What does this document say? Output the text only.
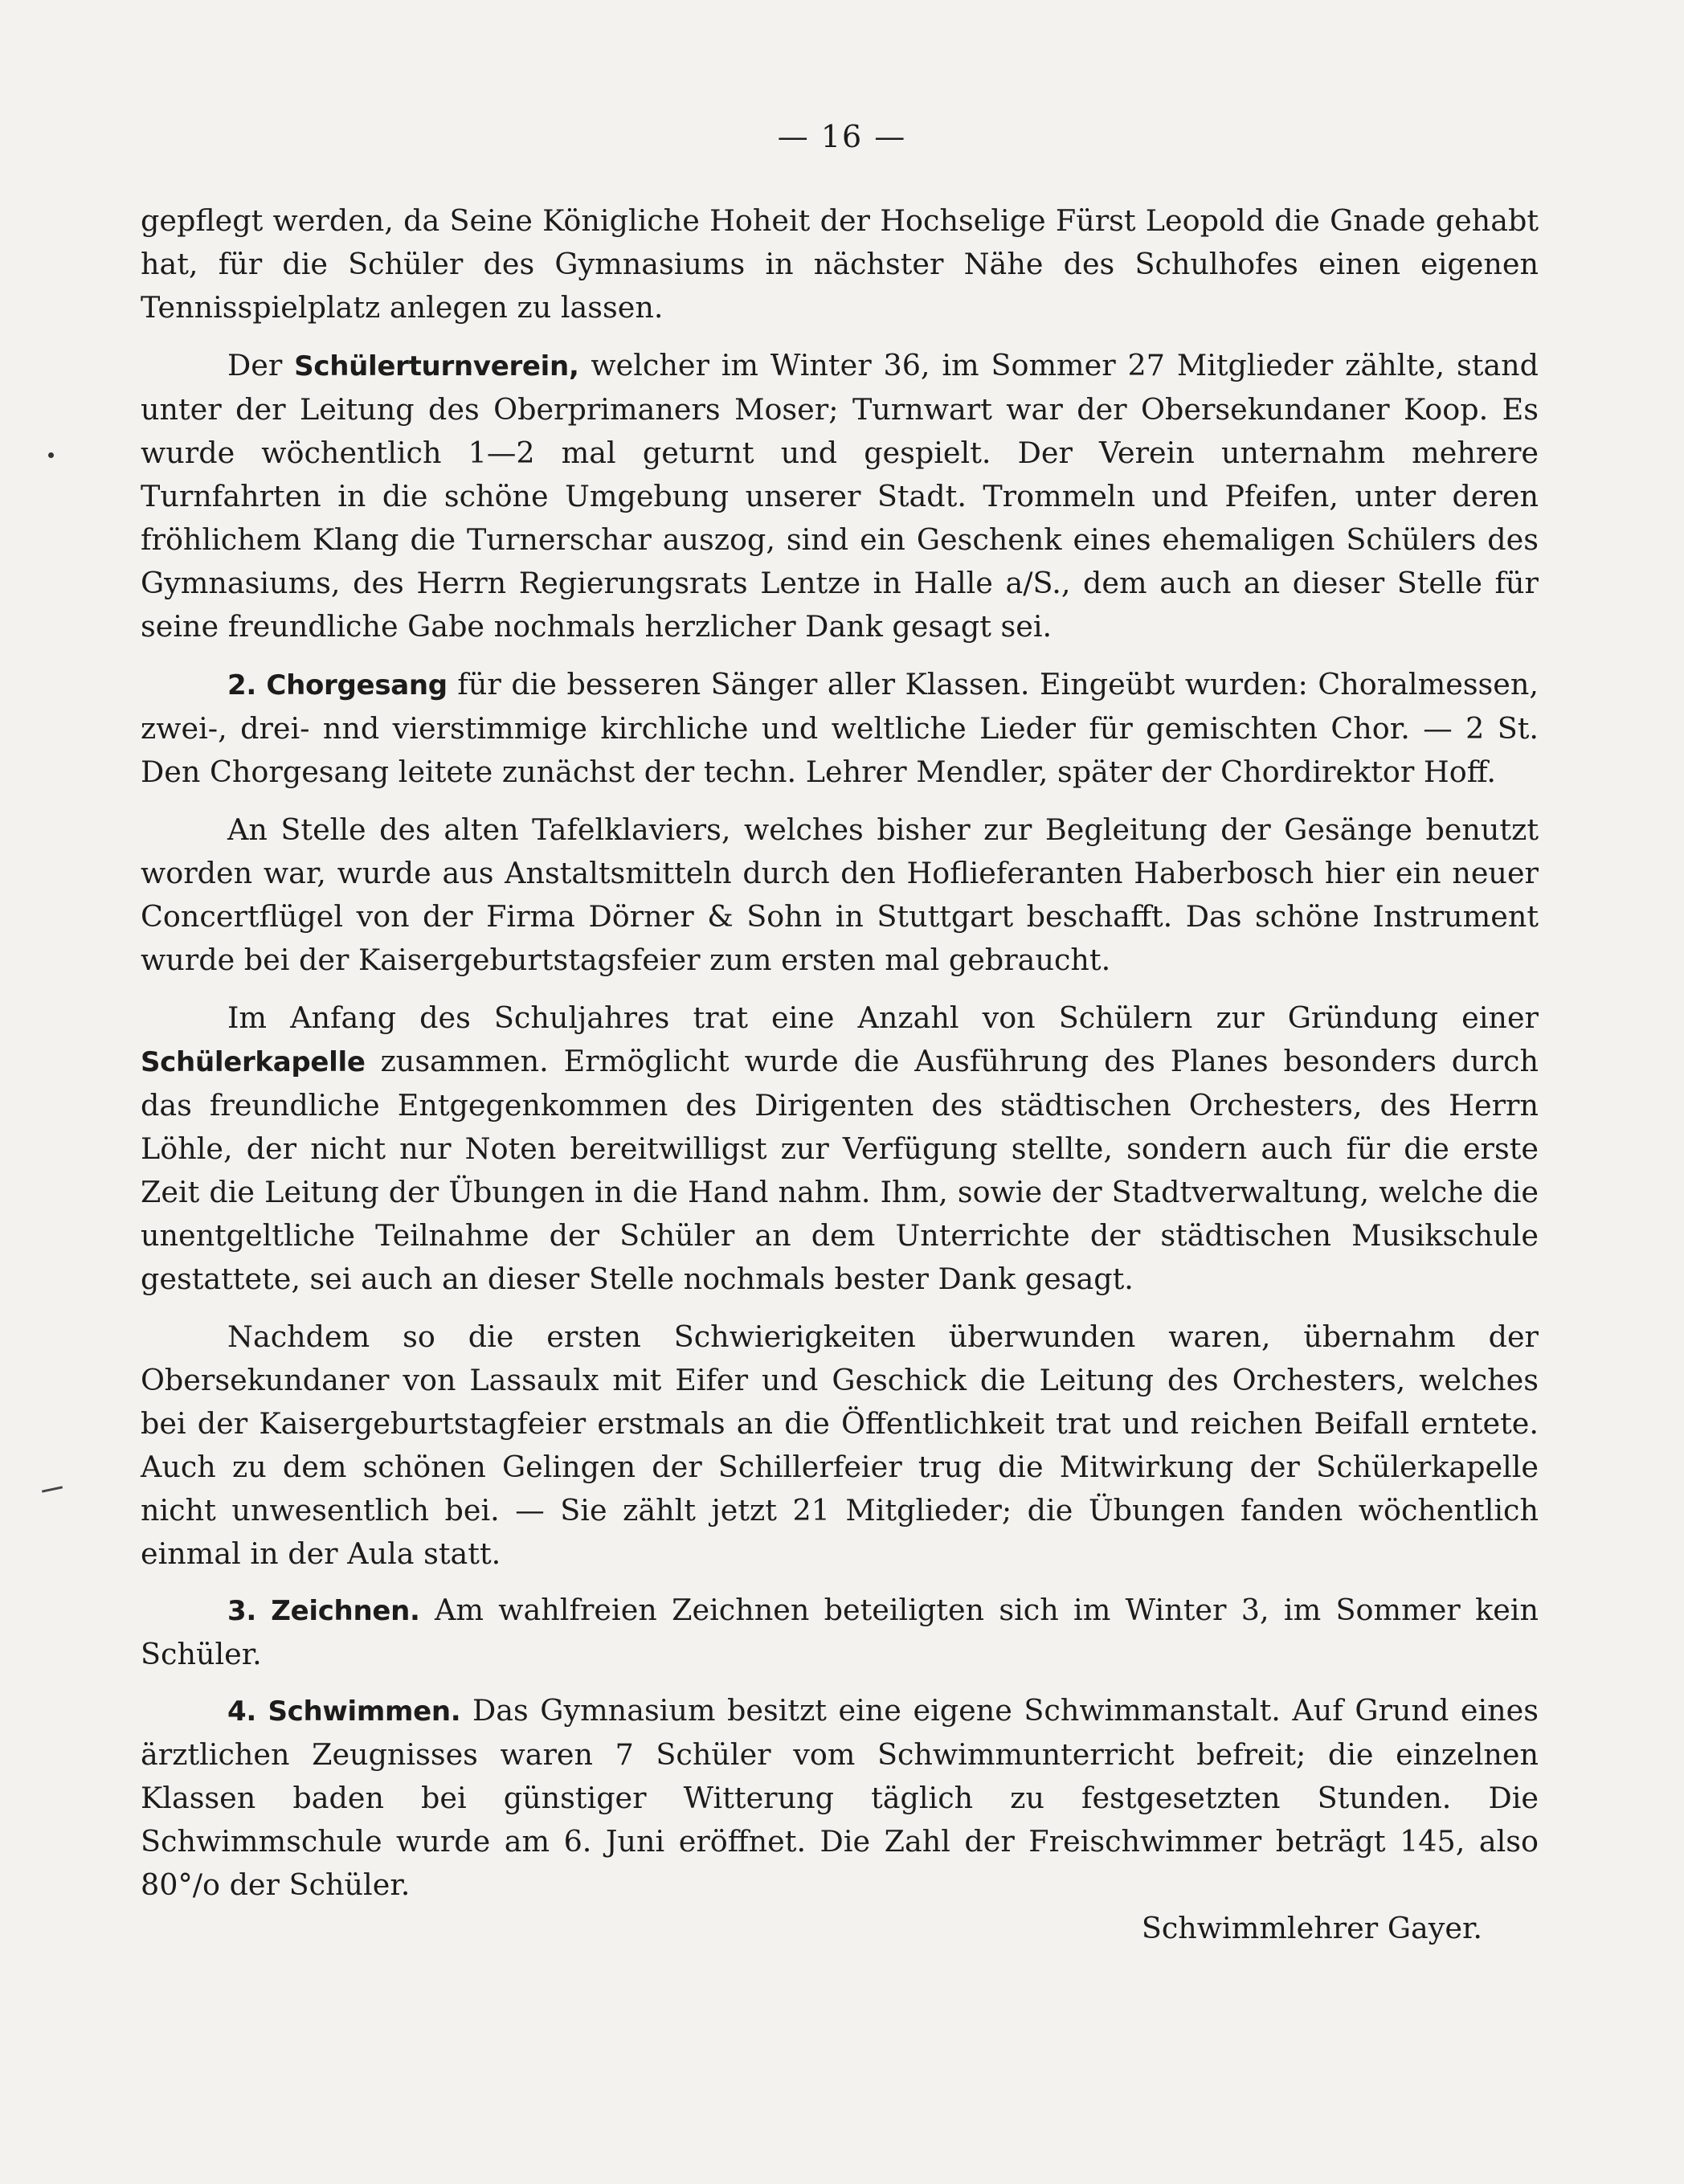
— 16 —

gepflegt werden, da Seine Königliche Hoheit der Hochselige Fürst Leopold die Gnade gehabt hat, für die Schüler des Gymnasiums in nächster Nähe des Schulhofes einen eigenen Tennisspielplatz anlegen zu lassen.

Der Schülerturnverein, welcher im Winter 36, im Sommer 27 Mitglieder zählte, stand unter der Leitung des Oberprimaners Moser; Turnwart war der Obersekundaner Koop. Es wurde wöchentlich 1—2 mal geturnt und gespielt. Der Verein unternahm mehrere Turnfahrten in die schöne Umgebung unserer Stadt. Trommeln und Pfeifen, unter deren fröhlichem Klang die Turnerschar auszog, sind ein Geschenk eines ehemaligen Schülers des Gymnasiums, des Herrn Regierungsrats Lentze in Halle a/S., dem auch an dieser Stelle für seine freundliche Gabe nochmals herzlicher Dank gesagt sei.

2. Chorgesang für die besseren Sänger aller Klassen. Eingeübt wurden: Choralmessen, zwei-, drei- nnd vierstimmige kirchliche und weltliche Lieder für gemischten Chor. — 2 St. Den Chorgesang leitete zunächst der techn. Lehrer Mendler, später der Chordirektor Hoff.

An Stelle des alten Tafelklaviers, welches bisher zur Begleitung der Gesänge benutzt worden war, wurde aus Anstaltsmitteln durch den Hoflieferanten Haberbosch hier ein neuer Concertflügel von der Firma Dörner & Sohn in Stuttgart beschafft. Das schöne Instrument wurde bei der Kaisergeburtstagsfeier zum ersten mal gebraucht.

Im Anfang des Schuljahres trat eine Anzahl von Schülern zur Gründung einer Schülerkapelle zusammen. Ermöglicht wurde die Ausführung des Planes besonders durch das freundliche Entgegenkommen des Dirigenten des städtischen Orchesters, des Herrn Löhle, der nicht nur Noten bereitwilligst zur Verfügung stellte, sondern auch für die erste Zeit die Leitung der Übungen in die Hand nahm. Ihm, sowie der Stadtverwaltung, welche die unentgeltliche Teilnahme der Schüler an dem Unterrichte der städtischen Musikschule gestattete, sei auch an dieser Stelle nochmals bester Dank gesagt.

Nachdem so die ersten Schwierigkeiten überwunden waren, übernahm der Obersekundaner von Lassaulx mit Eifer und Geschick die Leitung des Orchesters, welches bei der Kaisergeburtstagfeier erstmals an die Öffentlichkeit trat und reichen Beifall erntete. Auch zu dem schönen Gelingen der Schillerfeier trug die Mitwirkung der Schülerkapelle nicht unwesentlich bei. — Sie zählt jetzt 21 Mitglieder; die Übungen fanden wöchentlich einmal in der Aula statt.

3. Zeichnen. Am wahlfreien Zeichnen beteiligten sich im Winter 3, im Sommer kein Schüler.

4. Schwimmen. Das Gymnasium besitzt eine eigene Schwimmanstalt. Auf Grund eines ärztlichen Zeugnisses waren 7 Schüler vom Schwimmunterricht befreit; die einzelnen Klassen baden bei günstiger Witterung täglich zu festgesetzten Stunden. Die Schwimmschule wurde am 6. Juni eröffnet. Die Zahl der Freischwimmer beträgt 145, also 80°/o der Schüler.

Schwimmlehrer Gayer.
